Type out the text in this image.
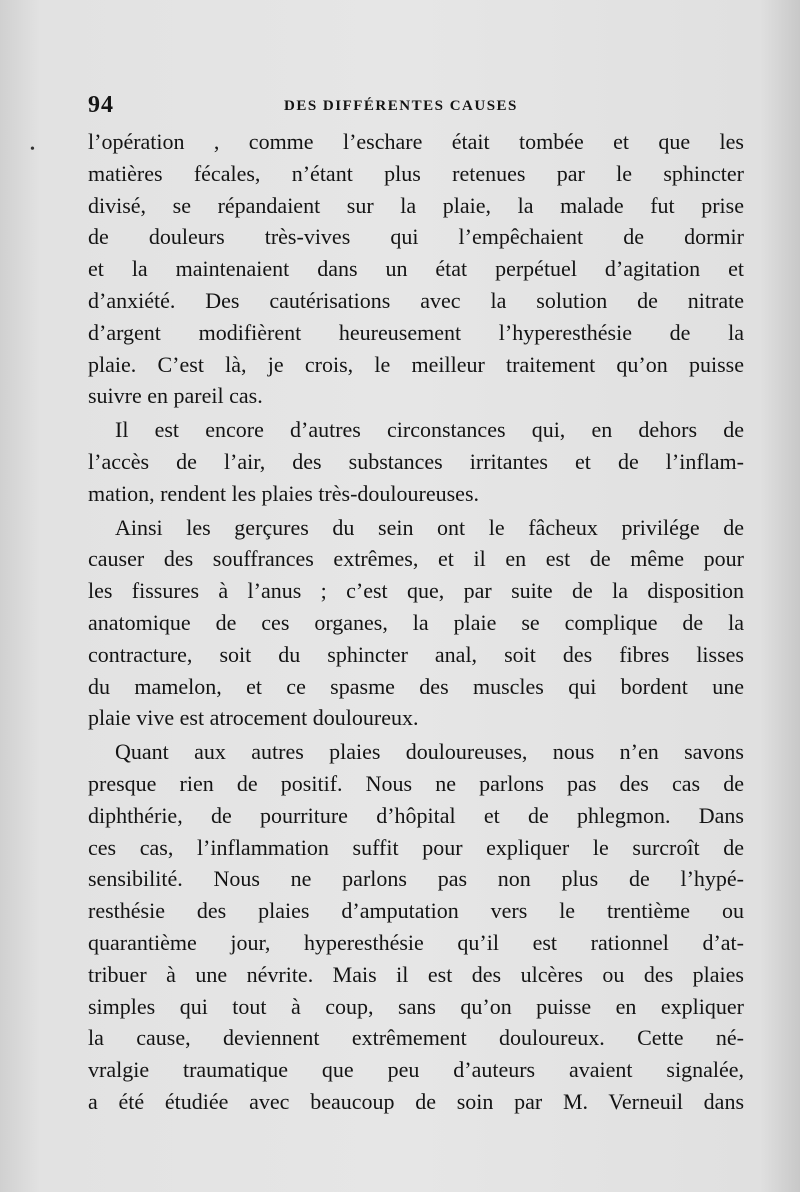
94	DES DIFFÉRENTES CAUSES
• l’opération , comme l’eschare était tombée et que les
matières fécales, n’étant plus retenues par le sphincter
divisé, se répandaient sur la plaie, la malade fut prise
de douleurs très-vives qui l’empêchaient de dormir
et la maintenaient dans un état perpétuel d’agitation et
d’anxiété. Des cautérisations avec la solution de nitrate
d’argent modifièrent heureusement l’hyperesthésie de la
plaie. C’est là, je crois, le meilleur traitement qu’on puisse
suivre en pareil cas.
Il est encore d’autres circonstances qui, en dehors de
l’accès de l’air, des substances irritantes et de l’inflam-
mation, rendent les plaies très-douloureuses.
Ainsi les gerçures du sein ont le fâcheux privilége de
causer des souffrances extrêmes, et il en est de même pour
les fissures à l’anus ; c’est que, par suite de la disposition
anatomique de ces organes, la plaie se complique de la
contracture, soit du sphincter anal, soit des fibres lisses
du mamelon, et ce spasme des muscles qui bordent une
plaie vive est atrocement douloureux.
Quant aux autres plaies douloureuses, nous n’en savons
presque rien de positif. Nous ne parlons pas des cas de
diphthérie, de pourriture d’hôpital et de phlegmon. Dans
ces cas, l’inflammation suffit pour expliquer le surcroît de
sensibilité. Nous ne parlons pas non plus de l’hypé-
resthésie des plaies d’amputation vers le trentième ou
quarantième jour, hyperesthésie qu’il est rationnel d’at-
tribuer à une névrite. Mais il est des ulcères ou des plaies
simples qui tout à coup, sans qu’on puisse en expliquer
la cause, deviennent extrêmement douloureux. Cette né-
vralgie traumatique que peu d’auteurs avaient signalée,
a été étudiée avec beaucoup de soin par M. Verneuil dans
